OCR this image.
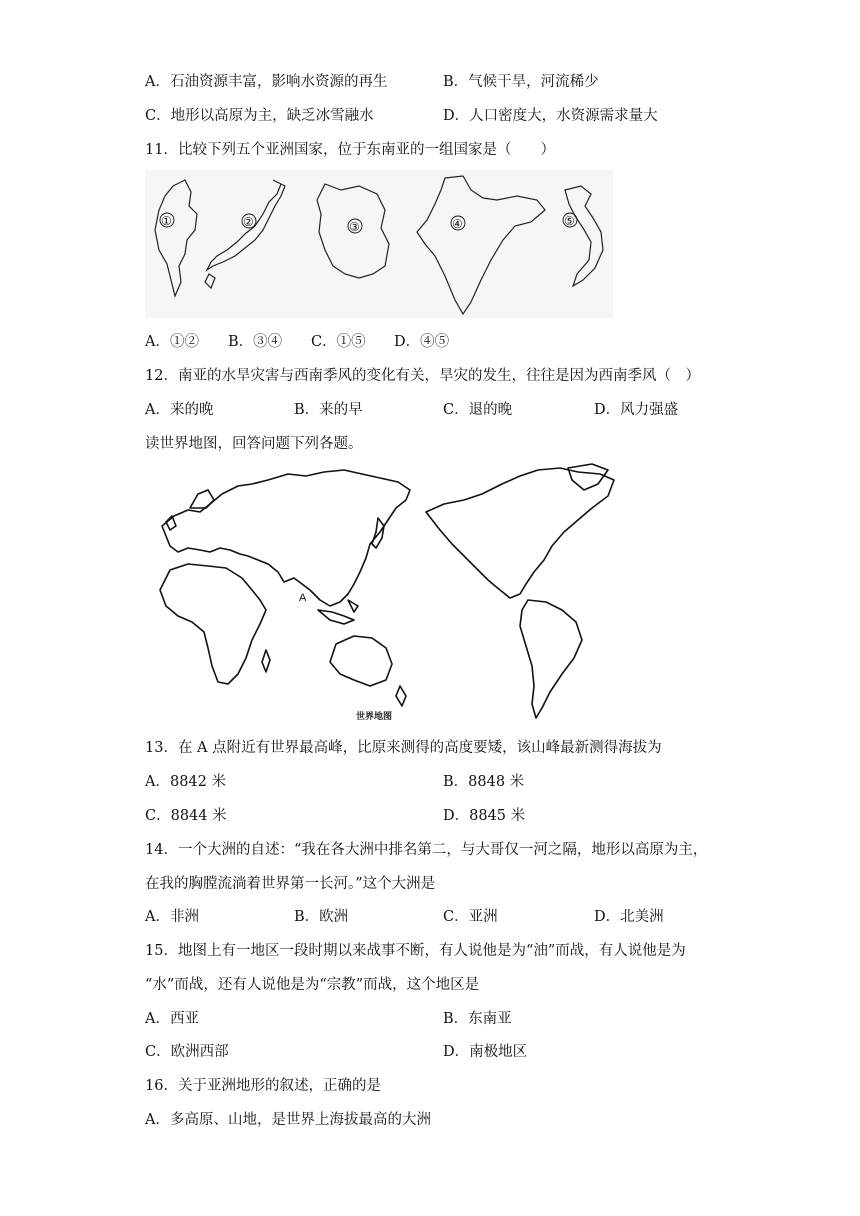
A．石油资源丰富，影响水资源的再生	B．气候干旱，河流稀少
C．地形以高原为主，缺乏冰雪融水	D．人口密度大，水资源需求量大
11．比较下列五个亚洲国家，位于东南亚的一组国家是（　　）
①	②	③	④	⑤
A．①② B．③④ C．①⑤ D．④⑤
12．南亚的水旱灾害与西南季风的变化有关，旱灾的发生，往往是因为西南季风（　）
A．来的晚	B．来的早	C．退的晚	D．风力强盛
读世界地图，回答问题下列各题。
A
世界地图
13．在 A 点附近有世界最高峰，比原来测得的高度要矮，该山峰最新测得海拔为
A．8842 米	B．8848 米
C．8844 米	D．8845 米
14．一个大洲的自述：“我在各大洲中排名第二，与大哥仅一河之隔，地形以高原为主，
在我的胸膛流淌着世界第一长河。”这个大洲是
A．非洲	B．欧洲	C．亚洲	D．北美洲
15．地图上有一地区一段时期以来战事不断，有人说他是为“油”而战，有人说他是为
“水”而战，还有人说他是为“宗教”而战，这个地区是
A．西亚	B．东南亚
C．欧洲西部	D．南极地区
16．关于亚洲地形的叙述，正确的是
A．多高原、山地，是世界上海拔最高的大洲
